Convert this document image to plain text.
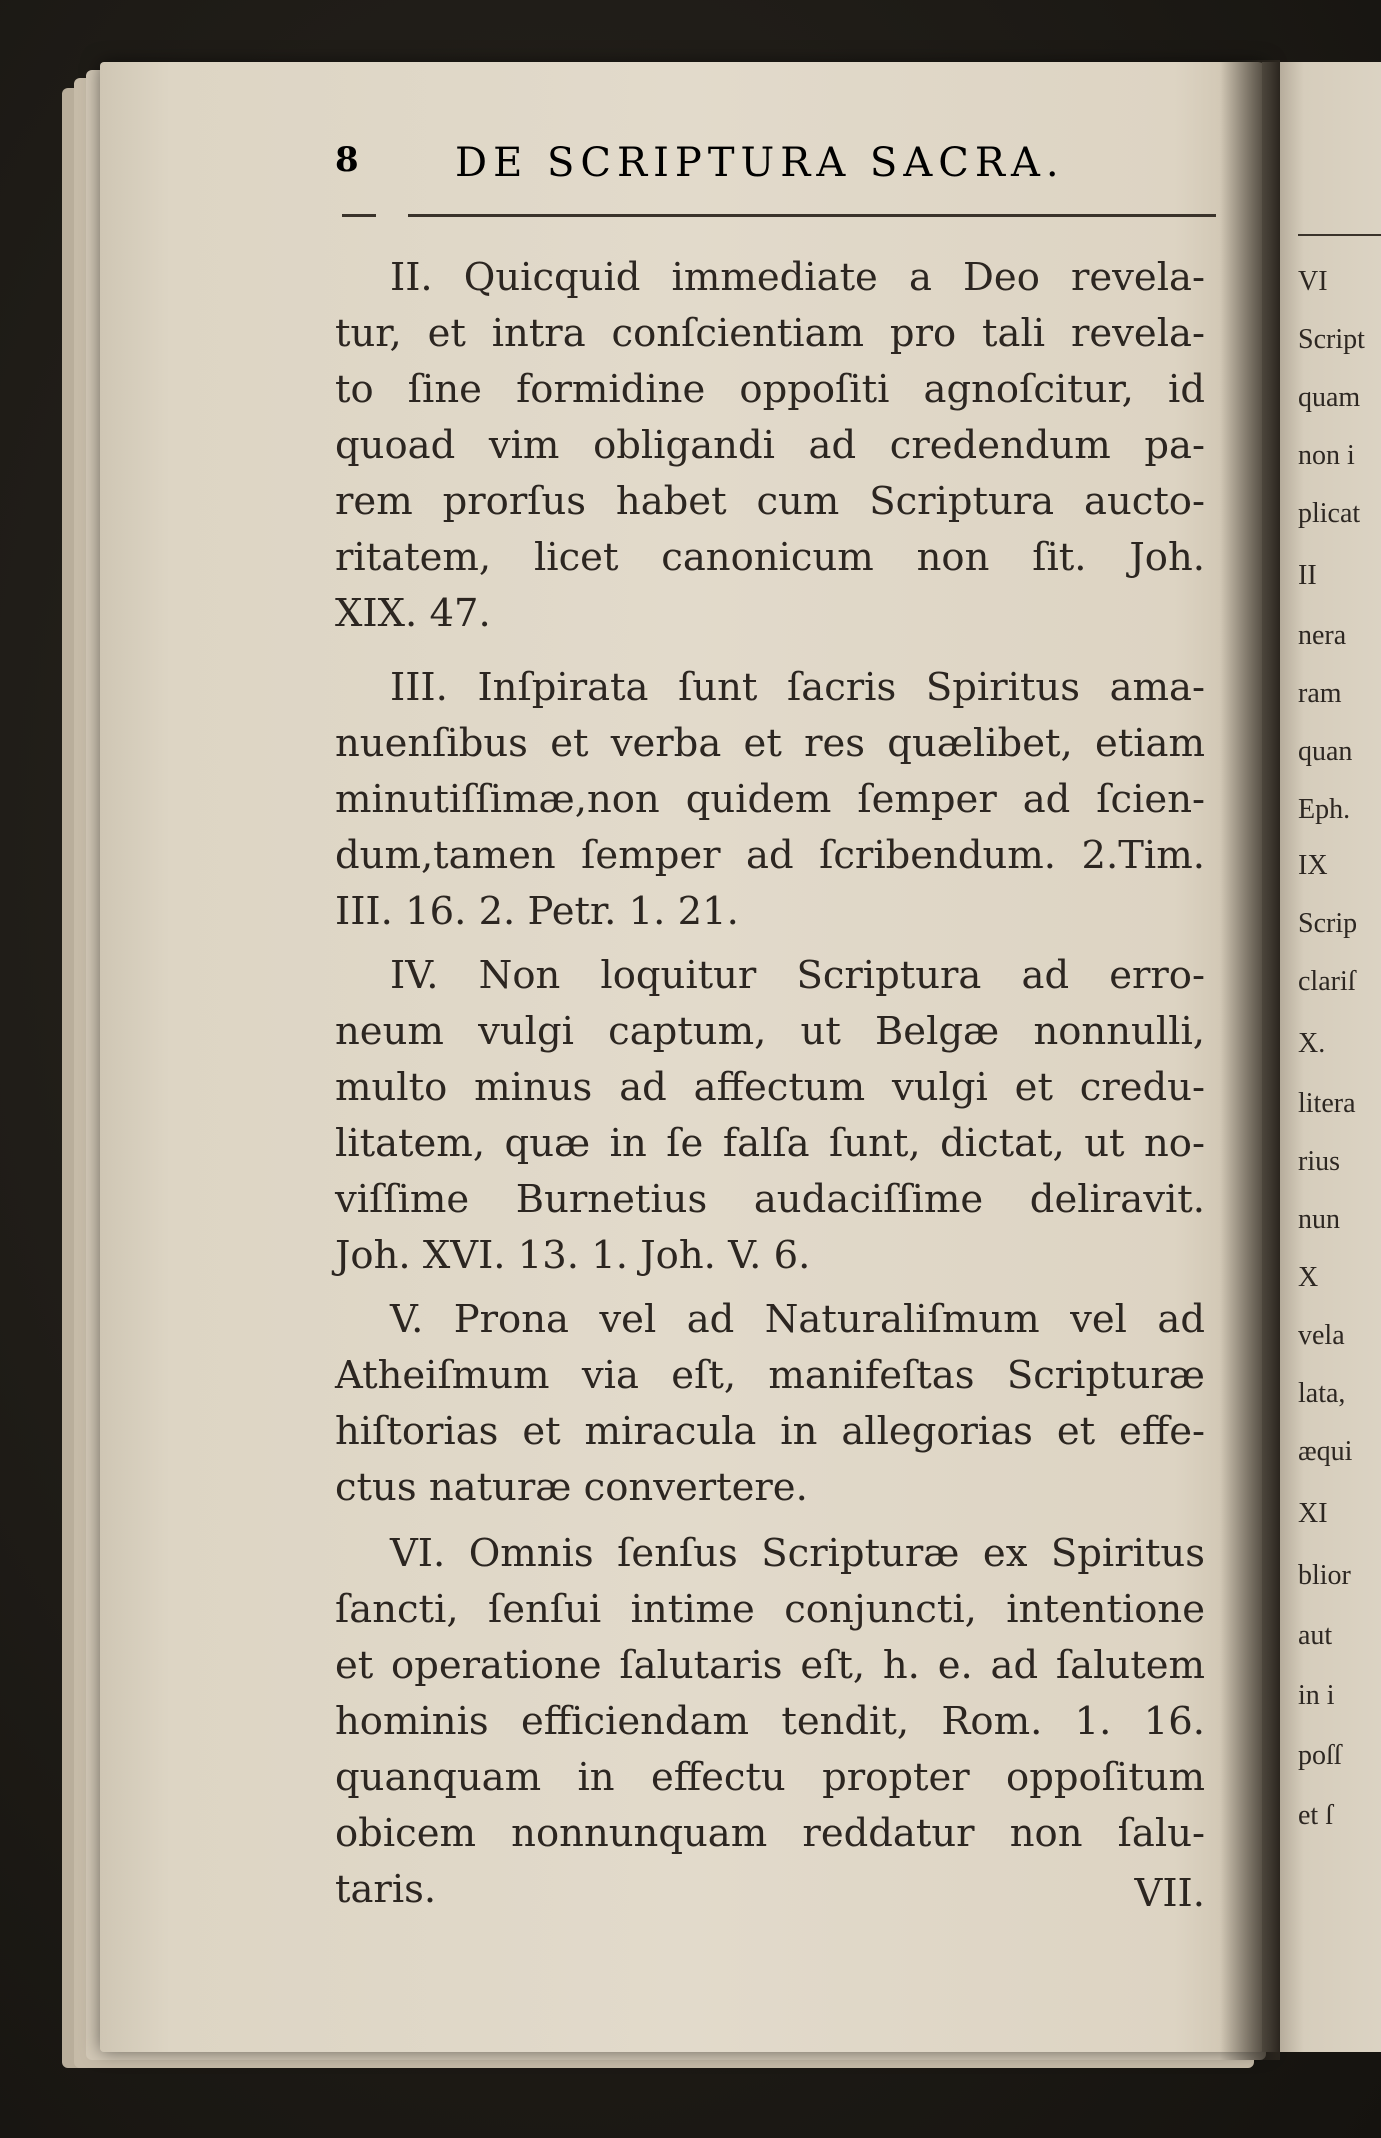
8 DE SCRIPTURA SACRA.
II. Quicquid immediate a Deo revela-
tur, et intra conſcientiam pro tali revela-
to ſine formidine oppoſiti agnoſcitur, id
quoad vim obligandi ad credendum pa-
rem prorſus habet cum Scriptura aucto-
ritatem, licet canonicum non ſit. Joh.
XIX. 47.
III. Inſpirata ſunt ſacris Spiritus ama-
nuenſibus et verba et res quælibet, etiam
minutiſſimæ,non quidem ſemper ad ſcien-
dum,tamen ſemper ad ſcribendum. 2.Tim.
III. 16. 2. Petr. 1. 21.
IV. Non loquitur Scriptura ad erro-
neum vulgi captum, ut Belgæ nonnulli,
multo minus ad affectum vulgi et credu-
litatem, quæ in ſe falſa ſunt, dictat, ut no-
viſſime Burnetius audaciſſime deliravit.
Joh. XVI. 13. 1. Joh. V. 6.
V. Prona vel ad Naturaliſmum vel ad
Atheiſmum via eſt, manifeſtas Scripturæ
hiſtorias et miracula in allegorias et effe-
ctus naturæ convertere.
VI. Omnis ſenſus Scripturæ ex Spiritus
ſancti, ſenſui intime conjuncti, intentione
et operatione ſalutaris eſt, h. e. ad ſalutem
hominis efficiendam tendit, Rom. 1. 16.
quanquam in effectu propter oppoſitum
obicem nonnunquam reddatur non ſalu-
taris.	VII.
VI
Script
quam
non i
plicat
II
nera
ram
quan
Eph.
IX
Scrip
clariſ
X.
litera
rius
nun
X
vela
lata,
æqui
XI
blior
aut
in i
poſſ
et ſ
